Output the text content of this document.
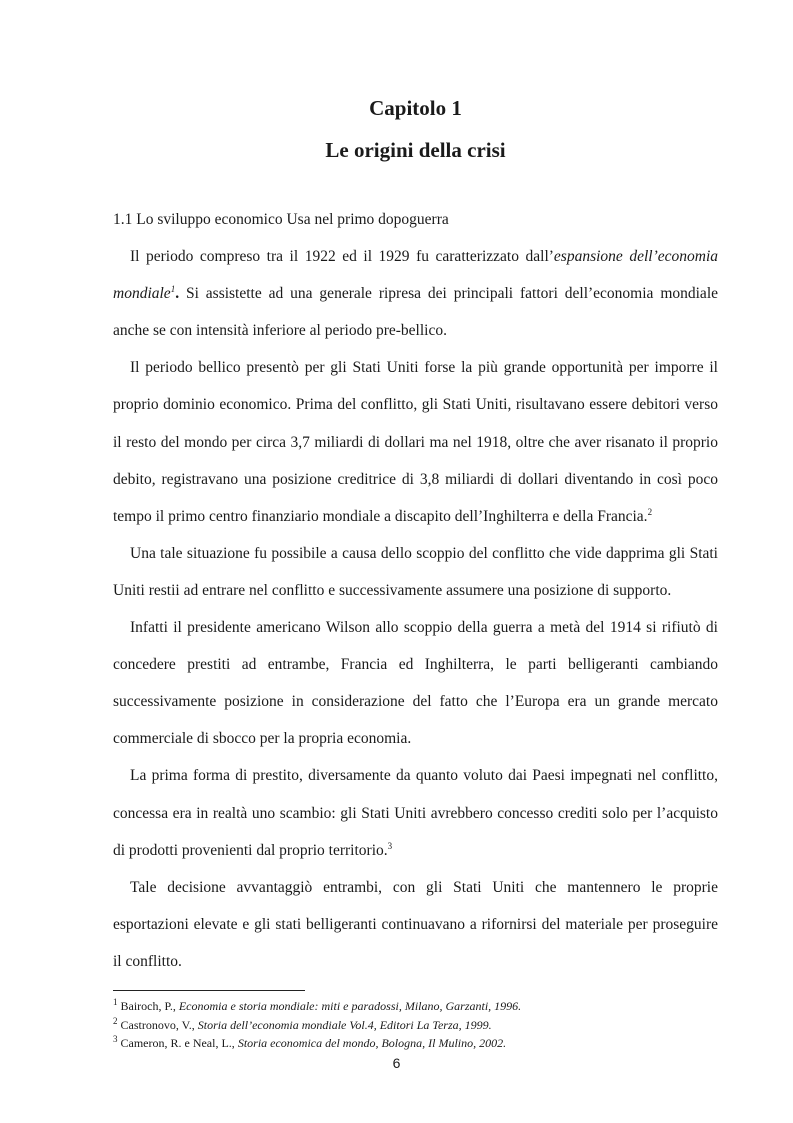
Capitolo 1
Le origini della crisi

1.1 Lo sviluppo economico Usa nel primo dopoguerra

Il periodo compreso tra il 1922 ed il 1929 fu caratterizzato dall’espansione dell’economia mondiale$^1$. Si assistette ad una generale ripresa dei principali fattori dell’economia mondiale anche se con intensità inferiore al periodo pre-bellico.

Il periodo bellico presentò per gli Stati Uniti forse la più grande opportunità per imporre il proprio dominio economico. Prima del conflitto, gli Stati Uniti, risultavano essere debitori verso il resto del mondo per circa 3,7 miliardi di dollari ma nel 1918, oltre che aver risanato il proprio debito, registravano una posizione creditrice di 3,8 miliardi di dollari diventando in così poco tempo il primo centro finanziario mondiale a discapito dell’Inghilterra e della Francia.$^2$

Una tale situazione fu possibile a causa dello scoppio del conflitto che vide dapprima gli Stati Uniti restii ad entrare nel conflitto e successivamente assumere una posizione di supporto.

Infatti il presidente americano Wilson allo scoppio della guerra a metà del 1914 si rifiutò di concedere prestiti ad entrambe, Francia ed Inghilterra, le parti belligeranti cambiando successivamente posizione in considerazione del fatto che l’Europa era un grande mercato commerciale di sbocco per la propria economia.

La prima forma di prestito, diversamente da quanto voluto dai Paesi impegnati nel conflitto, concessa era in realtà uno scambio: gli Stati Uniti avrebbero concesso crediti solo per l’acquisto di prodotti provenienti dal proprio territorio.$^3$

Tale decisione avvantaggiò entrambi, con gli Stati Uniti che mantennero le proprie esportazioni elevate e gli stati belligeranti continuavano a rifornirsi del materiale per proseguire il conflitto.

$^1$ Bairoch, P., Economia e storia mondiale: miti e paradossi, Milano, Garzanti, 1996.

$^2$ Castronovo, V., Storia dell’economia mondiale Vol.4, Editori La Terza, 1999.

$^3$ Cameron, R. e Neal, L., Storia economica del mondo, Bologna, Il Mulino, 2002.

6
